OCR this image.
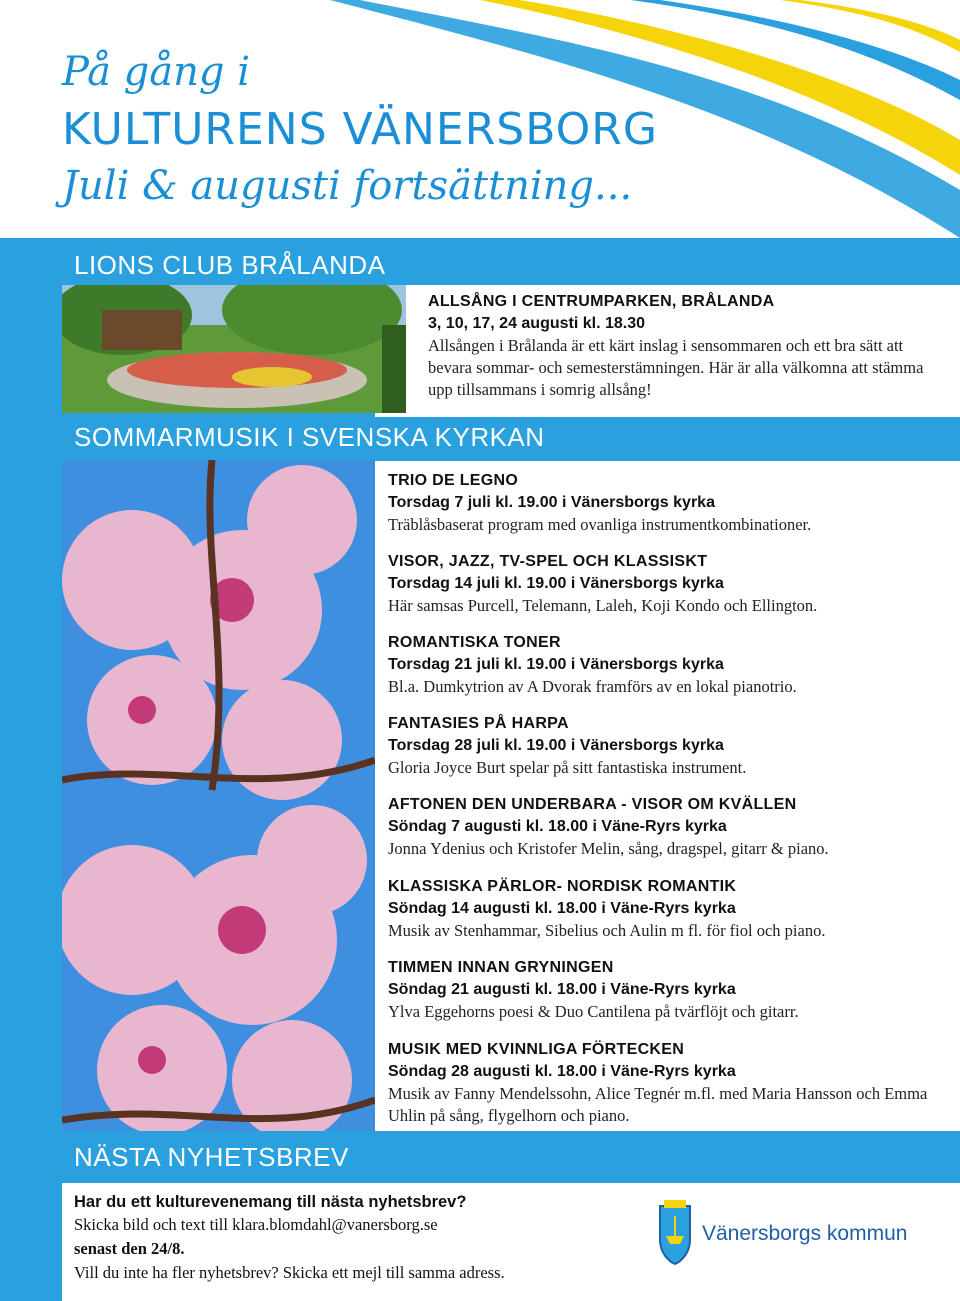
På gång i
KULTURENS VÄNERSBORG
Juli & augusti fortsättning...
LIONS CLUB BRÅLANDA
ALLSÅNG I CENTRUMPARKEN, BRÅLANDA
3, 10, 17, 24 augusti kl. 18.30
Allsången i Brålanda är ett kärt inslag i sensommaren och ett bra sätt att bevara sommar- och semesterstämningen. Här är alla välkomna att stämma upp tillsammans i somrig allsång!
SOMMARMUSIK I SVENSKA KYRKAN
TRIO DE LEGNO
Torsdag 7 juli kl. 19.00 i Vänersborgs kyrka
Träblåsbaserat program med ovanliga instrumentkombinationer.
VISOR, JAZZ, TV-SPEL OCH KLASSISKT
Torsdag 14 juli kl. 19.00 i Vänersborgs kyrka
Här samsas Purcell, Telemann, Laleh, Koji Kondo och Ellington.
ROMANTISKA TONER
Torsdag 21 juli kl. 19.00 i Vänersborgs kyrka
Bl.a. Dumkytrion av A Dvorak framförs av en lokal pianotrio.
FANTASIES PÅ HARPA
Torsdag 28 juli kl. 19.00 i Vänersborgs kyrka
Gloria Joyce Burt spelar på sitt fantastiska instrument.
AFTONEN DEN UNDERBARA - VISOR OM KVÄLLEN
Söndag 7 augusti kl. 18.00 i Väne-Ryrs kyrka
Jonna Ydenius och Kristofer Melin, sång, dragspel, gitarr & piano.
KLASSISKA PÄRLOR- NORDISK ROMANTIK
Söndag 14 augusti kl. 18.00 i Väne-Ryrs kyrka
Musik av Stenhammar, Sibelius och Aulin m fl. för fiol och piano.
TIMMEN INNAN GRYNINGEN
Söndag 21 augusti kl. 18.00 i Väne-Ryrs kyrka
Ylva Eggehorns poesi & Duo Cantilena på tvärflöjt och gitarr.
MUSIK MED KVINNLIGA FÖRTECKEN
Söndag 28 augusti kl. 18.00 i Väne-Ryrs kyrka
Musik av Fanny Mendelssohn, Alice Tegnér m.fl. med Maria Hansson och Emma Uhlin på sång, flygelhorn och piano.
NÄSTA NYHETSBREV
Har du ett kulturevenemang till nästa nyhetsbrev?
Skicka bild och text till klara.blomdahl@vanersborg.se
senast den 24/8.
Vill du inte ha fler nyhetsbrev? Skicka ett mejl till samma adress.
Vänersborgs kommun
